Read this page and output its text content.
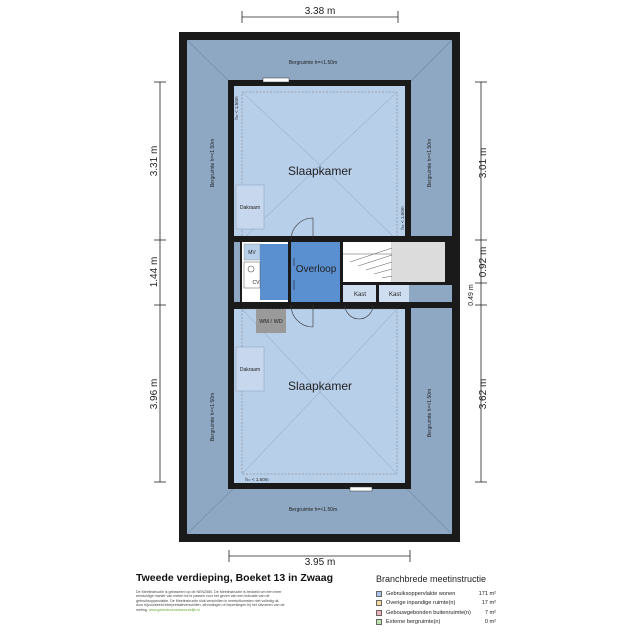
3.38 m
3.95 m
3.31 m
1.44 m
3.96 m
3.01 m
0.92 m
0.49 m
3.62 m
Dakraam
Slaapkamer
Dakraam
Slaapkamer
MV
CV
Overloop
Kast	Kast
WM / WD
Bergruimte h=<1.50m
Bergruimte h=<1.50m
Bergruimte h=<1.50m	Bergruimte h=<1.50m
Bergruimte h=<1.50m	Bergruimte h=<1.50m
h= < 1.50m
h= < 1.50m
h= < 1.50m
Tweede verdieping, Boeket 13 in Zwaag
De Meetinstructie is gebaseerd op de NEN2580. De Meetinstructie is bedoeld om een meer eenduidige manier van meten tot te passen voor het geven van een indicatie van de gebruiksoppervlakte. De Meetinstructie sluit verschillen in meetuitkomsten niet volledig uit, door bijvoorbeeld interpretatieverschillen, afrondingen of beperkingen bij het uitvoeren van de meting. www.gebiedsverantwoordelijk.nl
Branchbrede meetinstructie
Gebruiksoppervlakte wonen	171 m²
Overige inpandige ruimte(n)	17 m²
Gebouwgebonden buitenruimte(n)	7 m²
Externe bergruimte(n)	0 m²
